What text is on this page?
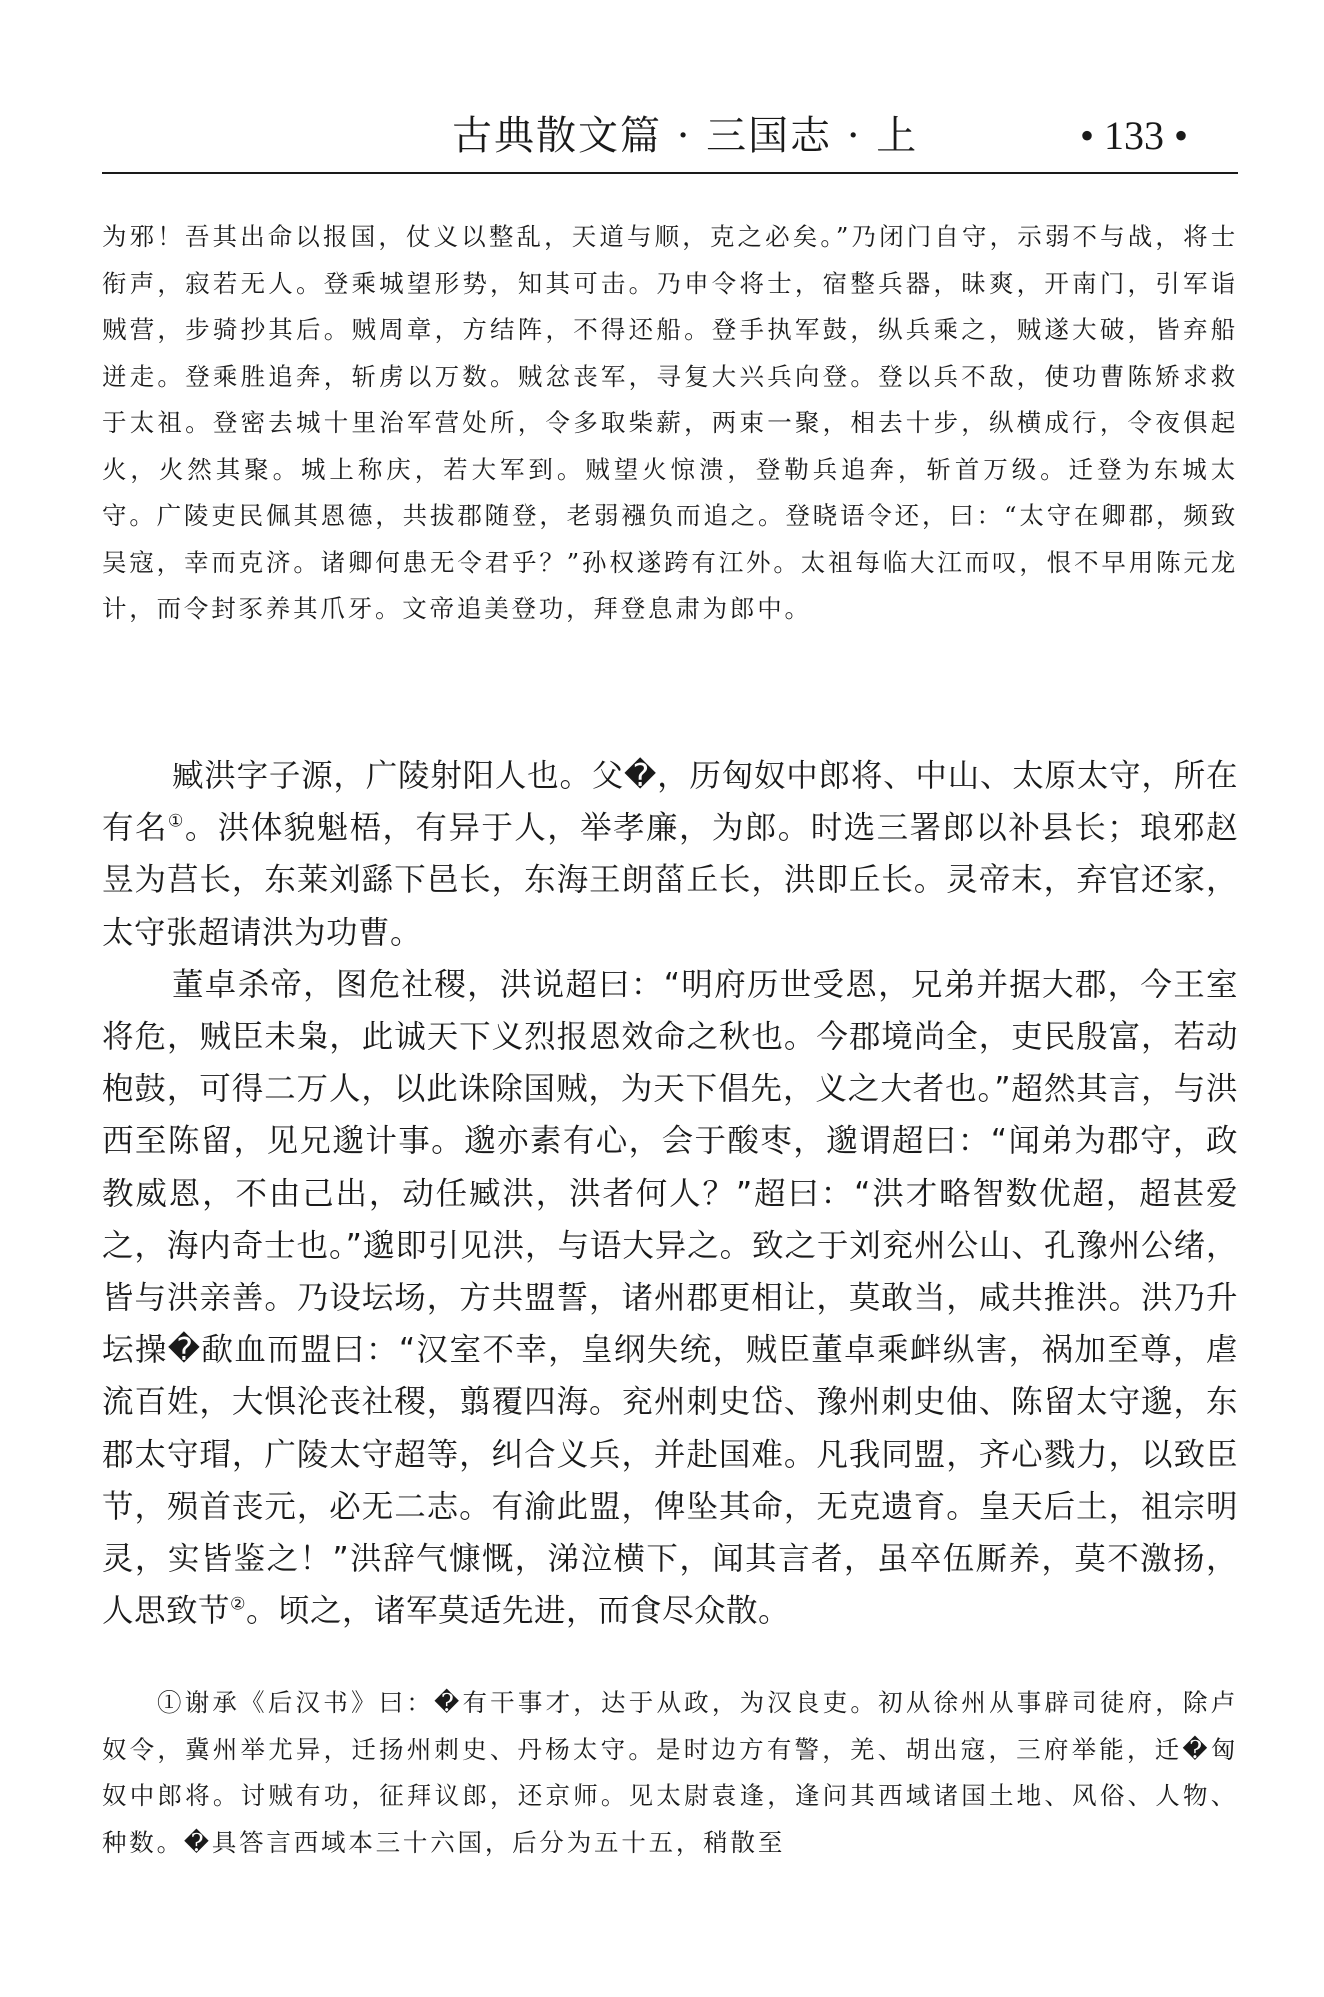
古典散文篇 · 三国志 · 上	• 133 •
为邪！吾其出命以报国，仗义以整乱，天道与顺，克之必矣。”乃闭门自守，示弱不与战，将士衔声，寂若无人。登乘城望形势，知其可击。乃申令将士，宿整兵器，昧爽，开南门，引军诣贼营，步骑抄其后。贼周章，方结阵，不得还船。登手执军鼓，纵兵乘之，贼遂大破，皆弃船迸走。登乘胜追奔，斩虏以万数。贼忿丧军，寻复大兴兵向登。登以兵不敌，使功曹陈矫求救于太祖。登密去城十里治军营处所，令多取柴薪，两束一聚，相去十步，纵横成行，令夜俱起火，火然其聚。城上称庆，若大军到。贼望火惊溃，登勒兵追奔，斩首万级。迁登为东城太守。广陵吏民佩其恩德，共拔郡随登，老弱襁负而追之。登晓语令还，曰：“太守在卿郡，频致吴寇，幸而克济。诸卿何患无令君乎？”孙权遂跨有江外。太祖每临大江而叹，恨不早用陈元龙计，而令封豕养其爪牙。文帝追美登功，拜登息肃为郎中。

臧洪字子源，广陵射阳人也。父�，历匈奴中郎将、中山、太原太守，所在有名①。洪体貌魁梧，有异于人，举孝廉，为郎。时选三署郎以补县长；琅邪赵昱为莒长，东莱刘繇下邑长，东海王朗菑丘长，洪即丘长。灵帝末，弃官还家，太守张超请洪为功曹。

董卓杀帝，图危社稷，洪说超曰：“明府历世受恩，兄弟并据大郡，今王室将危，贼臣未枭，此诚天下义烈报恩效命之秋也。今郡境尚全，吏民殷富，若动枹鼓，可得二万人，以此诛除国贼，为天下倡先，义之大者也。”超然其言，与洪西至陈留，见兄邈计事。邈亦素有心，会于酸枣，邈谓超曰：“闻弟为郡守，政教威恩，不由己出，动任臧洪，洪者何人？”超曰：“洪才略智数优超，超甚爱之，海内奇士也。”邈即引见洪，与语大异之。致之于刘兖州公山、孔豫州公绪，皆与洪亲善。乃设坛场，方共盟誓，诸州郡更相让，莫敢当，咸共推洪。洪乃升坛操�歃血而盟曰：“汉室不幸，皇纲失统，贼臣董卓乘衅纵害，祸加至尊，虐流百姓，大惧沦丧社稷，翦覆四海。兖州刺史岱、豫州刺史伷、陈留太守邈，东郡太守瑁，广陵太守超等，纠合义兵，并赴国难。凡我同盟，齐心戮力，以致臣节，殒首丧元，必无二志。有渝此盟，俾坠其命，无克遗育。皇天后土，祖宗明灵，实皆鉴之！”洪辞气慷慨，涕泣横下，闻其言者，虽卒伍厮养，莫不激扬，人思致节②。顷之，诸军莫适先进，而食尽众散。

①谢承《后汉书》曰：�有干事才，达于从政，为汉良吏。初从徐州从事辟司徒府，除卢奴令，冀州举尤异，迁扬州刺史、丹杨太守。是时边方有警，羌、胡出寇，三府举能，迁�匈奴中郎将。讨贼有功，征拜议郎，还京师。见太尉袁逢，逢问其西域诸国土地、风俗、人物、种数。�具答言西域本三十六国，后分为五十五，稍散至
